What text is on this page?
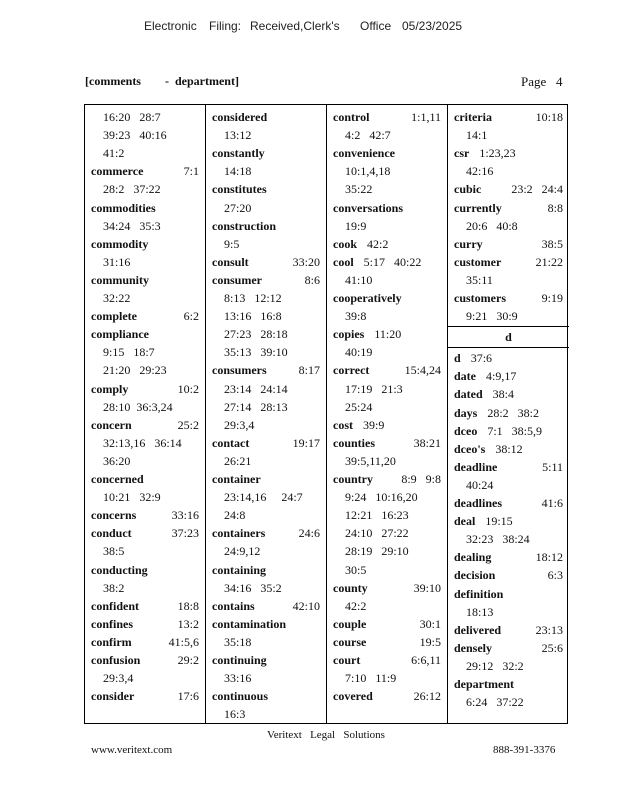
Electronic Filing: Received,Clerk's Office 05/23/2025
[comments        -  department]	Page   4
16:20   28:7
39:23   40:16
41:2
commerce	7:1
28:2   37:22
commodities
34:24   35:3
commodity
31:16
community
32:22
complete	6:2
compliance
9:15   18:7
21:20   29:23
comply	10:2
28:10  36:3,24
concern	25:2
32:13,16   36:14
36:20
concerned
10:21   32:9
concerns	33:16
conduct	37:23
38:5
conducting
38:2
confident	18:8
confines	13:2
confirm	41:5,6
confusion	29:2
29:3,4
consider	17:6
considered
13:12
constantly
14:18
constitutes
27:20
construction
9:5
consult	33:20
consumer	8:6
8:13   12:12
13:16   16:8
27:23   28:18
35:13   39:10
consumers	8:17
23:14   24:14
27:14   28:13
29:3,4
contact	19:17
26:21
container
23:14,16     24:7
24:8
containers	24:6
24:9,12
containing
34:16   35:2
contains	42:10
contamination
35:18
continuing
33:16
continuous
16:3
control	1:1,11
4:2   42:7
convenience
10:1,4,18
35:22
conversations
19:9
cook 42:2
cool 5:17   40:22
41:10
cooperatively
39:8
copies 11:20
40:19
correct	15:4,24
17:19   21:3
25:24
cost 39:9
counties	38:21
39:5,11,20
country 8:9   9:8
9:24   10:16,20
12:21   16:23
24:10   27:22
28:19   29:10
30:5
county	39:10
42:2
couple	30:1
course	19:5
court	6:6,11
7:10   11:9
covered	26:12
criteria	10:18
14:1
csr 1:23,23
42:16
cubic 23:2   24:4
currently	8:8
20:6   40:8
curry	38:5
customer	21:22
35:11
customers	9:19
9:21   30:9
d
d 37:6
date 4:9,17
dated 38:4
days 28:2   38:2
dceo 7:1   38:5,9
dceo's 38:12
deadline	5:11
40:24
deadlines	41:6
deal 19:15
32:23   38:24
dealing	18:12
decision	6:3
definition
18:13
delivered	23:13
densely	25:6
29:12   32:2
department
6:24   37:22
Veritext   Legal   Solutions
www.veritext.com	888-391-3376
